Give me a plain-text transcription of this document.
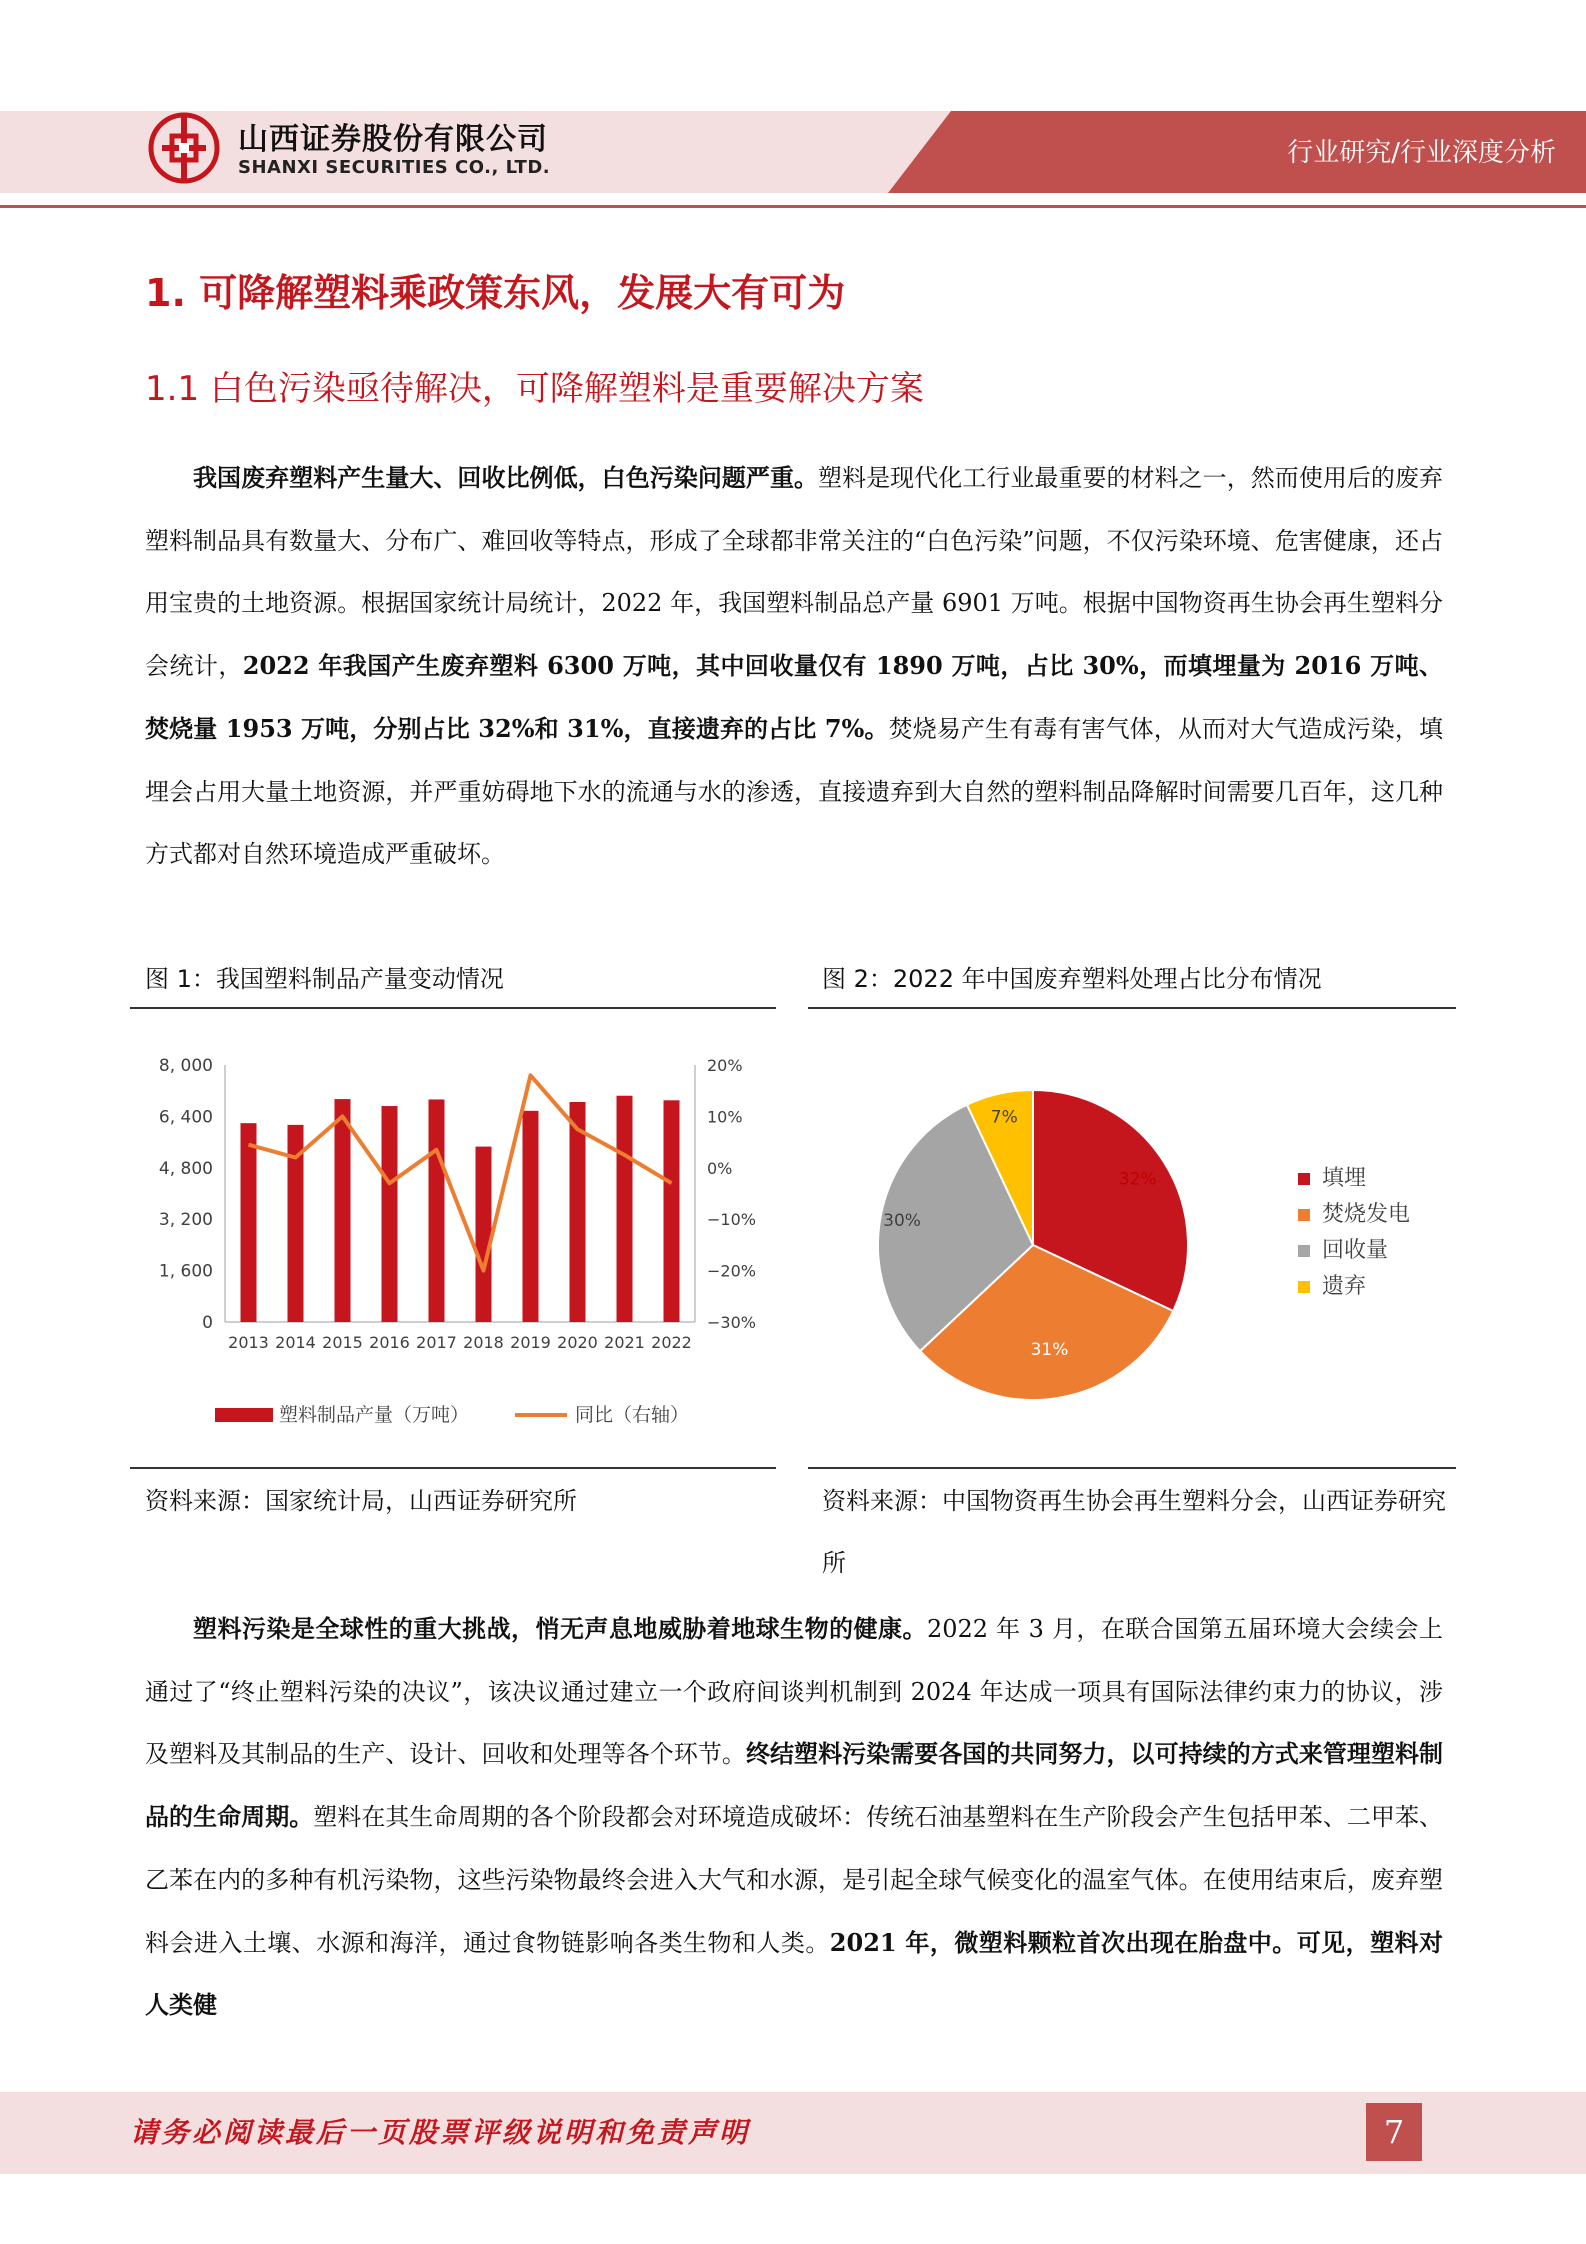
行业研究/行业深度分析
山西证券股份有限公司
SHANXI SECURITIES CO., LTD.
1. 可降解塑料乘政策东风，发展大有可为
1.1 白色污染亟待解决，可降解塑料是重要解决方案
我国废弃塑料产生量大、回收比例低，白色污染问题严重。塑料是现代化工行业最重要的材料之一，然而使用后的废弃塑料制品具有数量大、分布广、难回收等特点，形成了全球都非常关注的“白色污染”问题，不仅污染环境、危害健康，还占用宝贵的土地资源。根据国家统计局统计，2022 年，我国塑料制品总产量 6901 万吨。根据中国物资再生协会再生塑料分会统计，2022 年我国产生废弃塑料 6300 万吨，其中回收量仅有 1890 万吨，占比 30%，而填埋量为 2016 万吨、焚烧量 1953 万吨，分别占比 32%和 31%，直接遗弃的占比 7%。焚烧易产生有毒有害气体，从而对大气造成污染，填埋会占用大量土地资源，并严重妨碍地下水的流通与水的渗透，直接遗弃到大自然的塑料制品降解时间需要几百年，这几种方式都对自然环境造成严重破坏。
图 1：我国塑料制品产量变动情况	图 2：2022 年中国废弃塑料处理占比分布情况
0
1, 600
3, 200
4, 800
6, 400
8, 000
−30%
−20%
−10%
0%
10%
20%
2013 2014 2015 2016 2017 2018 2019 2020 2021 2022
塑料制品产量（万吨）	同比（右轴）
32%
31%
30%
7%
填埋
焚烧发电
回收量
遗弃
资料来源：国家统计局，山西证券研究所	资料来源：中国物资再生协会再生塑料分会，山西证券研究所
塑料污染是全球性的重大挑战，悄无声息地威胁着地球生物的健康。2022 年 3 月，在联合国第五届环境大会续会上通过了“终止塑料污染的决议”，该决议通过建立一个政府间谈判机制到 2024 年达成一项具有国际法律约束力的协议，涉及塑料及其制品的生产、设计、回收和处理等各个环节。终结塑料污染需要各国的共同努力，以可持续的方式来管理塑料制品的生命周期。塑料在其生命周期的各个阶段都会对环境造成破坏：传统石油基塑料在生产阶段会产生包括甲苯、二甲苯、乙苯在内的多种有机污染物，这些污染物最终会进入大气和水源，是引起全球气候变化的温室气体。在使用结束后，废弃塑料会进入土壤、水源和海洋，通过食物链影响各类生物和人类。2021 年，微塑料颗粒首次出现在胎盘中。可见，塑料对人类健
请务必阅读最后一页股票评级说明和免责声明	7
